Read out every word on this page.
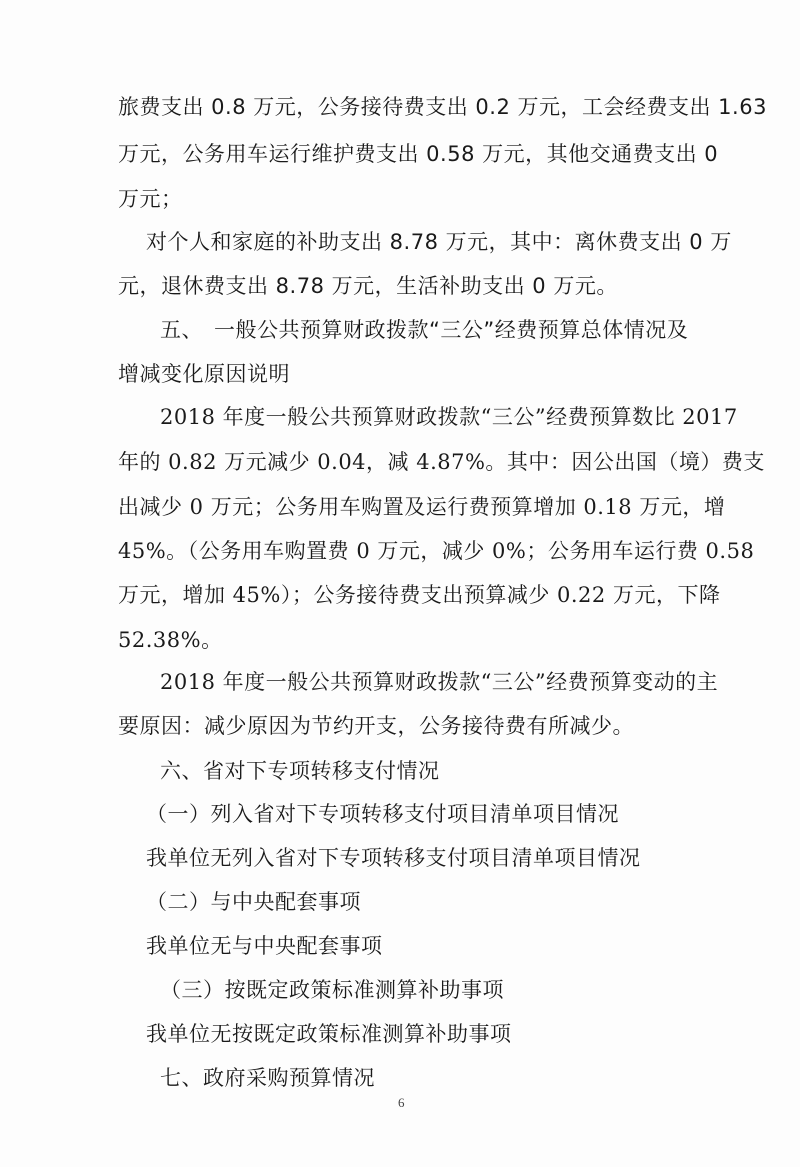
旅费支出 0.8 万元，公务接待费支出 0.2 万元，工会经费支出 1.63
万元，公务用车运行维护费支出 0.58 万元，其他交通费支出 0
万元；
对个人和家庭的补助支出 8.78 万元，其中：离休费支出 0 万
元，退休费支出 8.78 万元，生活补助支出 0 万元。
五、　一般公共预算财政拨款“三公”经费预算总体情况及
增减变化原因说明
2018 年度一般公共预算财政拨款“三公”经费预算数比 2017
年的 0.82 万元减少 0.04，减 4.87%。其中：因公出国（境）费支
出减少 0 万元；公务用车购置及运行费预算增加 0.18 万元，增
45%。（公务用车购置费 0 万元，减少 0%；公务用车运行费 0.58
万元，增加 45%）；公务接待费支出预算减少 0.22 万元，下降
52.38%。
2018 年度一般公共预算财政拨款“三公”经费预算变动的主
要原因：减少原因为节约开支，公务接待费有所减少。
六、省对下专项转移支付情况
（一）列入省对下专项转移支付项目清单项目情况
我单位无列入省对下专项转移支付项目清单项目情况
（二）与中央配套事项
我单位无与中央配套事项
（三）按既定政策标准测算补助事项
我单位无按既定政策标准测算补助事项
七、政府采购预算情况
6
